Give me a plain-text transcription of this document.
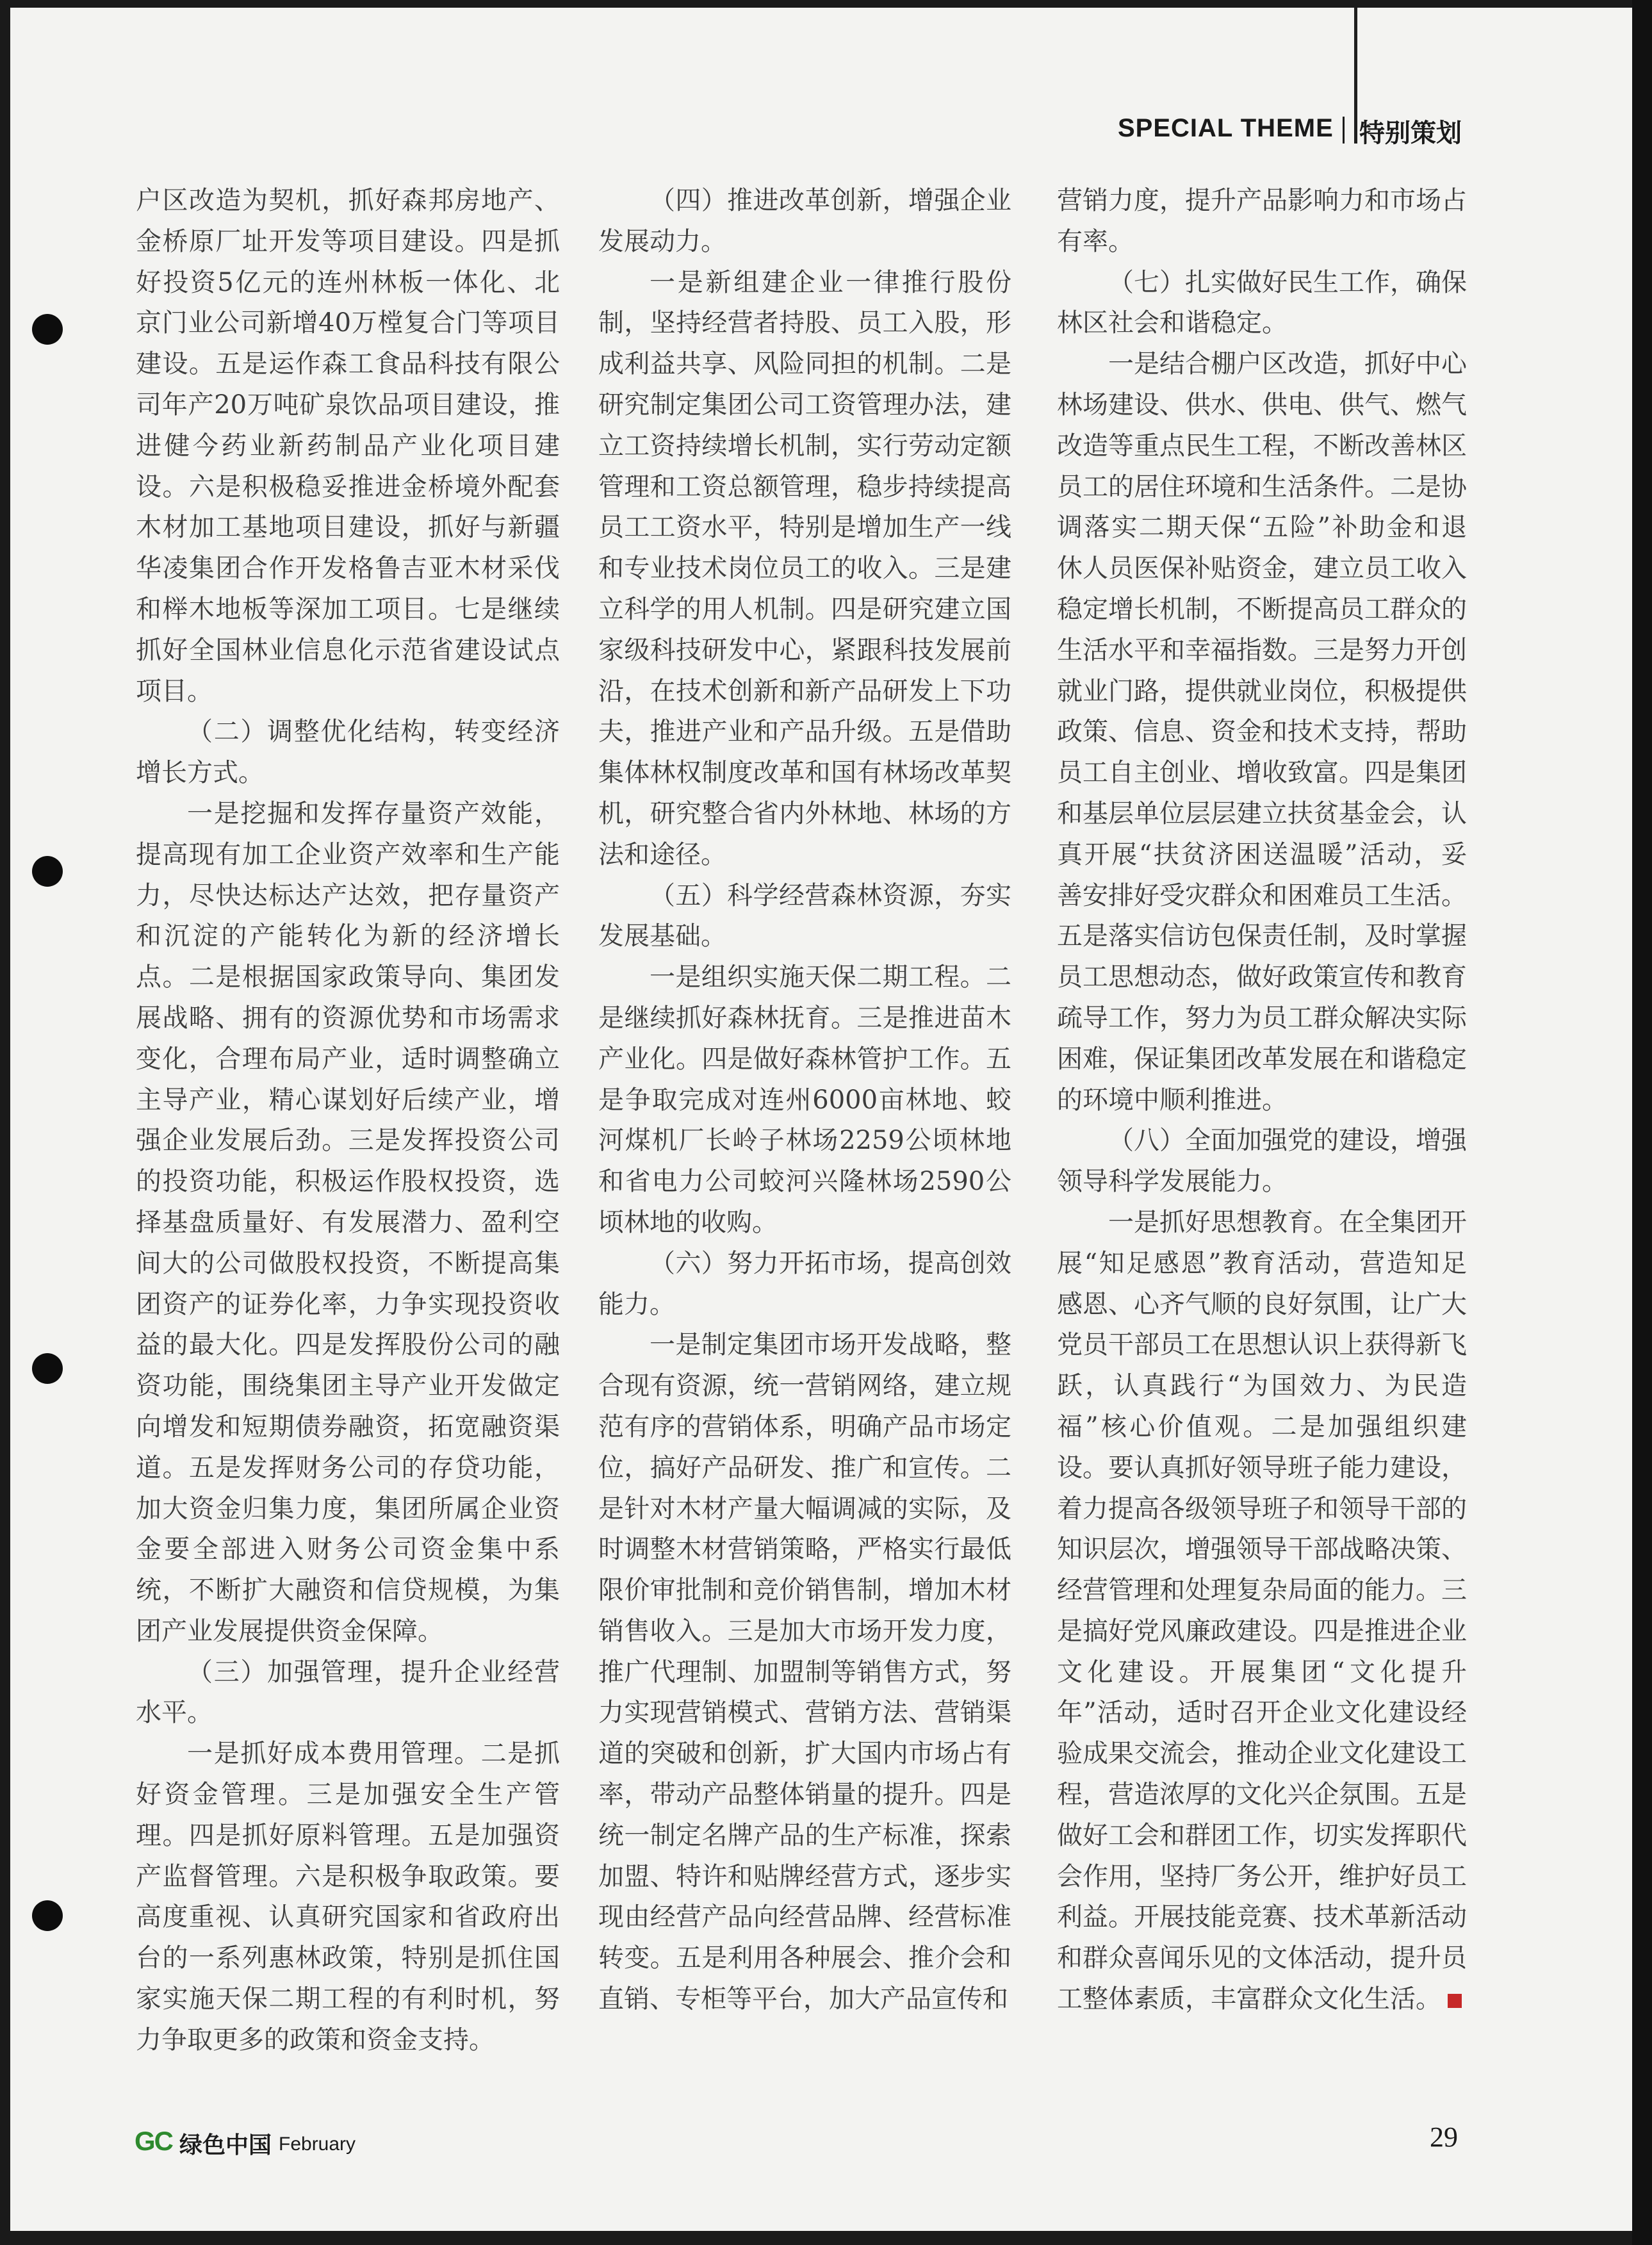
SPECIAL THEME 特别策划

户区改造为契机，抓好森邦房地产、金桥原厂址开发等项目建设。四是抓好投资5亿元的连州林板一体化、北京门业公司新增40万樘复合门等项目建设。五是运作森工食品科技有限公司年产20万吨矿泉饮品项目建设，推进健今药业新药制品产业化项目建设。六是积极稳妥推进金桥境外配套木材加工基地项目建设，抓好与新疆华凌集团合作开发格鲁吉亚木材采伐和榉木地板等深加工项目。七是继续抓好全国林业信息化示范省建设试点项目。

（二）调整优化结构，转变经济增长方式。

一是挖掘和发挥存量资产效能，提高现有加工企业资产效率和生产能力，尽快达标达产达效，把存量资产和沉淀的产能转化为新的经济增长点。二是根据国家政策导向、集团发展战略、拥有的资源优势和市场需求变化，合理布局产业，适时调整确立主导产业，精心谋划好后续产业，增强企业发展后劲。三是发挥投资公司的投资功能，积极运作股权投资，选择基盘质量好、有发展潜力、盈利空间大的公司做股权投资，不断提高集团资产的证券化率，力争实现投资收益的最大化。四是发挥股份公司的融资功能，围绕集团主导产业开发做定向增发和短期债券融资，拓宽融资渠道。五是发挥财务公司的存贷功能，加大资金归集力度，集团所属企业资金要全部进入财务公司资金集中系统，不断扩大融资和信贷规模，为集团产业发展提供资金保障。

（三）加强管理，提升企业经营水平。

一是抓好成本费用管理。二是抓好资金管理。三是加强安全生产管理。四是抓好原料管理。五是加强资产监督管理。六是积极争取政策。要高度重视、认真研究国家和省政府出台的一系列惠林政策，特别是抓住国家实施天保二期工程的有利时机，努力争取更多的政策和资金支持。

（四）推进改革创新，增强企业发展动力。

一是新组建企业一律推行股份制，坚持经营者持股、员工入股，形成利益共享、风险同担的机制。二是研究制定集团公司工资管理办法，建立工资持续增长机制，实行劳动定额管理和工资总额管理，稳步持续提高员工工资水平，特别是增加生产一线和专业技术岗位员工的收入。三是建立科学的用人机制。四是研究建立国家级科技研发中心，紧跟科技发展前沿，在技术创新和新产品研发上下功夫，推进产业和产品升级。五是借助集体林权制度改革和国有林场改革契机，研究整合省内外林地、林场的方法和途径。

（五）科学经营森林资源，夯实发展基础。

一是组织实施天保二期工程。二是继续抓好森林抚育。三是推进苗木产业化。四是做好森林管护工作。五是争取完成对连州6000亩林地、蛟河煤机厂长岭子林场2259公顷林地和省电力公司蛟河兴隆林场2590公顷林地的收购。

（六）努力开拓市场，提高创效能力。

一是制定集团市场开发战略，整合现有资源，统一营销网络，建立规范有序的营销体系，明确产品市场定位，搞好产品研发、推广和宣传。二是针对木材产量大幅调减的实际，及时调整木材营销策略，严格实行最低限价审批制和竞价销售制，增加木材销售收入。三是加大市场开发力度，推广代理制、加盟制等销售方式，努力实现营销模式、营销方法、营销渠道的突破和创新，扩大国内市场占有率，带动产品整体销量的提升。四是统一制定名牌产品的生产标准，探索加盟、特许和贴牌经营方式，逐步实现由经营产品向经营品牌、经营标准转变。五是利用各种展会、推介会和直销、专柜等平台，加大产品宣传和

营销力度，提升产品影响力和市场占有率。

（七）扎实做好民生工作，确保林区社会和谐稳定。

一是结合棚户区改造，抓好中心林场建设、供水、供电、供气、燃气改造等重点民生工程，不断改善林区员工的居住环境和生活条件。二是协调落实二期天保“五险”补助金和退休人员医保补贴资金，建立员工收入稳定增长机制，不断提高员工群众的生活水平和幸福指数。三是努力开创就业门路，提供就业岗位，积极提供政策、信息、资金和技术支持，帮助员工自主创业、增收致富。四是集团和基层单位层层建立扶贫基金会，认真开展“扶贫济困送温暖”活动，妥善安排好受灾群众和困难员工生活。五是落实信访包保责任制，及时掌握员工思想动态，做好政策宣传和教育疏导工作，努力为员工群众解决实际困难，保证集团改革发展在和谐稳定的环境中顺利推进。

（八）全面加强党的建设，增强领导科学发展能力。

一是抓好思想教育。在全集团开展“知足感恩”教育活动，营造知足感恩、心齐气顺的良好氛围，让广大党员干部员工在思想认识上获得新飞跃，认真践行“为国效力、为民造福”核心价值观。二是加强组织建设。要认真抓好领导班子能力建设，着力提高各级领导班子和领导干部的知识层次，增强领导干部战略决策、经营管理和处理复杂局面的能力。三是搞好党风廉政建设。四是推进企业文化建设。开展集团“文化提升年”活动，适时召开企业文化建设经验成果交流会，推动企业文化建设工程，营造浓厚的文化兴企氛围。五是做好工会和群团工作，切实发挥职代会作用，坚持厂务公开，维护好员工利益。开展技能竞赛、技术革新活动和群众喜闻乐见的文体活动，提升员工整体素质，丰富群众文化生活。

GC 绿色中国 February	29
